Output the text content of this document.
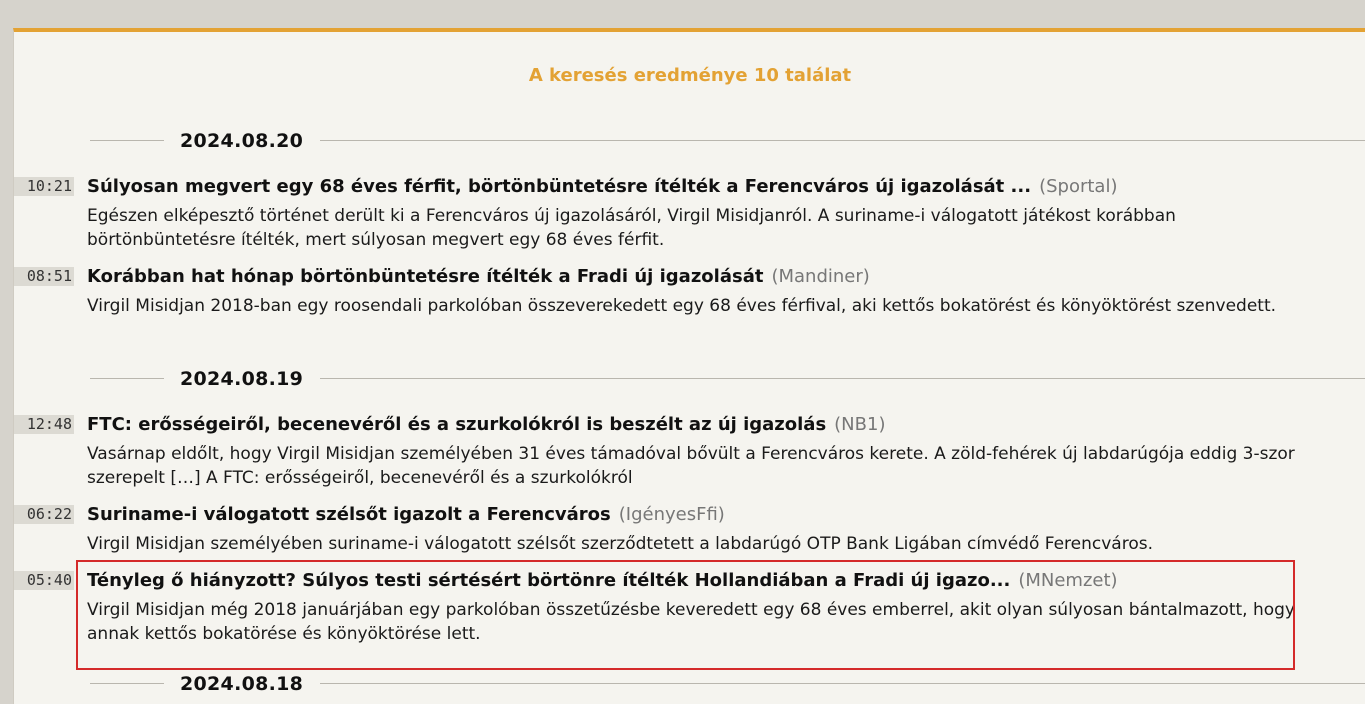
A keresés eredménye 10 találat
2024.08.20
10:21 Súlyosan megvert egy 68 éves férfit, börtönbüntetésre ítélték a Ferencváros új igazolását ... (Sportal)
Egészen elképesztő történet derült ki a Ferencváros új igazolásáról, Virgil Misidjanról. A suriname-i válogatott játékost korábban börtönbüntetésre ítélték, mert súlyosan megvert egy 68 éves férfit.
08:51 Korábban hat hónap börtönbüntetésre ítélték a Fradi új igazolását (Mandiner)
Virgil Misidjan 2018-ban egy roosendali parkolóban összeverekedett egy 68 éves férfival, aki kettős bokatörést és könyöktörést szenvedett.
2024.08.19
12:48 FTC: erősségeiről, becenevéről és a szurkolókról is beszélt az új igazolás (NB1)
Vasárnap eldőlt, hogy Virgil Misidjan személyében 31 éves támadóval bővült a Ferencváros kerete. A zöld-fehérek új labdarúgója eddig 3-szor szerepelt […] A FTC: erősségeiről, becenevéről és a szurkolókról
06:22 Suriname-i válogatott szélsőt igazolt a Ferencváros (IgényesFfi)
Virgil Misidjan személyében suriname-i válogatott szélsőt szerződtetett a labdarúgó OTP Bank Ligában címvédő Ferencváros.
05:40 Tényleg ő hiányzott? Súlyos testi sértésért börtönre ítélték Hollandiában a Fradi új igazo... (MNemzet)
Virgil Misidjan még 2018 januárjában egy parkolóban összetűzésbe keveredett egy 68 éves emberrel, akit olyan súlyosan bántalmazott, hogy annak kettős bokatörése és könyöktörése lett.
2024.08.18
